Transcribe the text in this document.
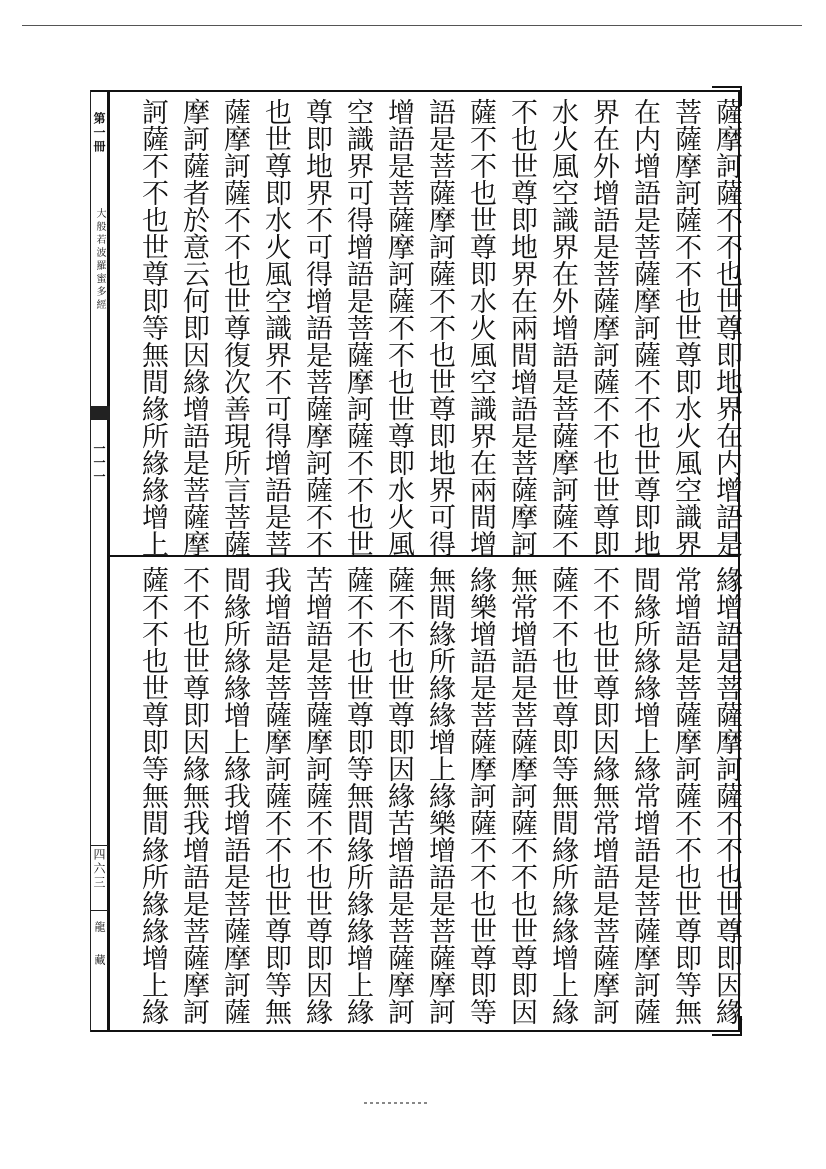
第一冊
大般若波羅蜜多經
一一一
四六三
龍藏
薩摩訶薩不不也世尊即地界在内增語是
菩薩摩訶薩不不也世尊即水火風空識界
在内增語是菩薩摩訶薩不不也世尊即地
界在外增語是菩薩摩訶薩不不也世尊即
水火風空識界在外增語是菩薩摩訶薩不
不也世尊即地界在兩間增語是菩薩摩訶
薩不不也世尊即水火風空識界在兩間增
語是菩薩摩訶薩不不也世尊即地界可得
增語是菩薩摩訶薩不不也世尊即水火風
空識界可得增語是菩薩摩訶薩不不也世
尊即地界不可得增語是菩薩摩訶薩不不
也世尊即水火風空識界不可得增語是菩
薩摩訶薩不不也世尊復次善現所言菩薩
摩訶薩者於意云何即因緣增語是菩薩摩
訶薩不不也世尊即等無間緣所緣緣增上
緣增語是菩薩摩訶薩不不也世尊即因緣
常增語是菩薩摩訶薩不不也世尊即等無
間緣所緣緣增上緣常增語是菩薩摩訶薩
不不也世尊即因緣無常增語是菩薩摩訶
薩不不也世尊即等無間緣所緣緣增上緣
無常增語是菩薩摩訶薩不不也世尊即因
緣樂增語是菩薩摩訶薩不不也世尊即等
無間緣所緣緣增上緣樂增語是菩薩摩訶
薩不不也世尊即因緣苦增語是菩薩摩訶
薩不不也世尊即等無間緣所緣緣增上緣
苦增語是菩薩摩訶薩不不也世尊即因緣
我增語是菩薩摩訶薩不不也世尊即等無
間緣所緣緣增上緣我增語是菩薩摩訶薩
不不也世尊即因緣無我增語是菩薩摩訶
薩不不也世尊即等無間緣所緣緣增上緣
